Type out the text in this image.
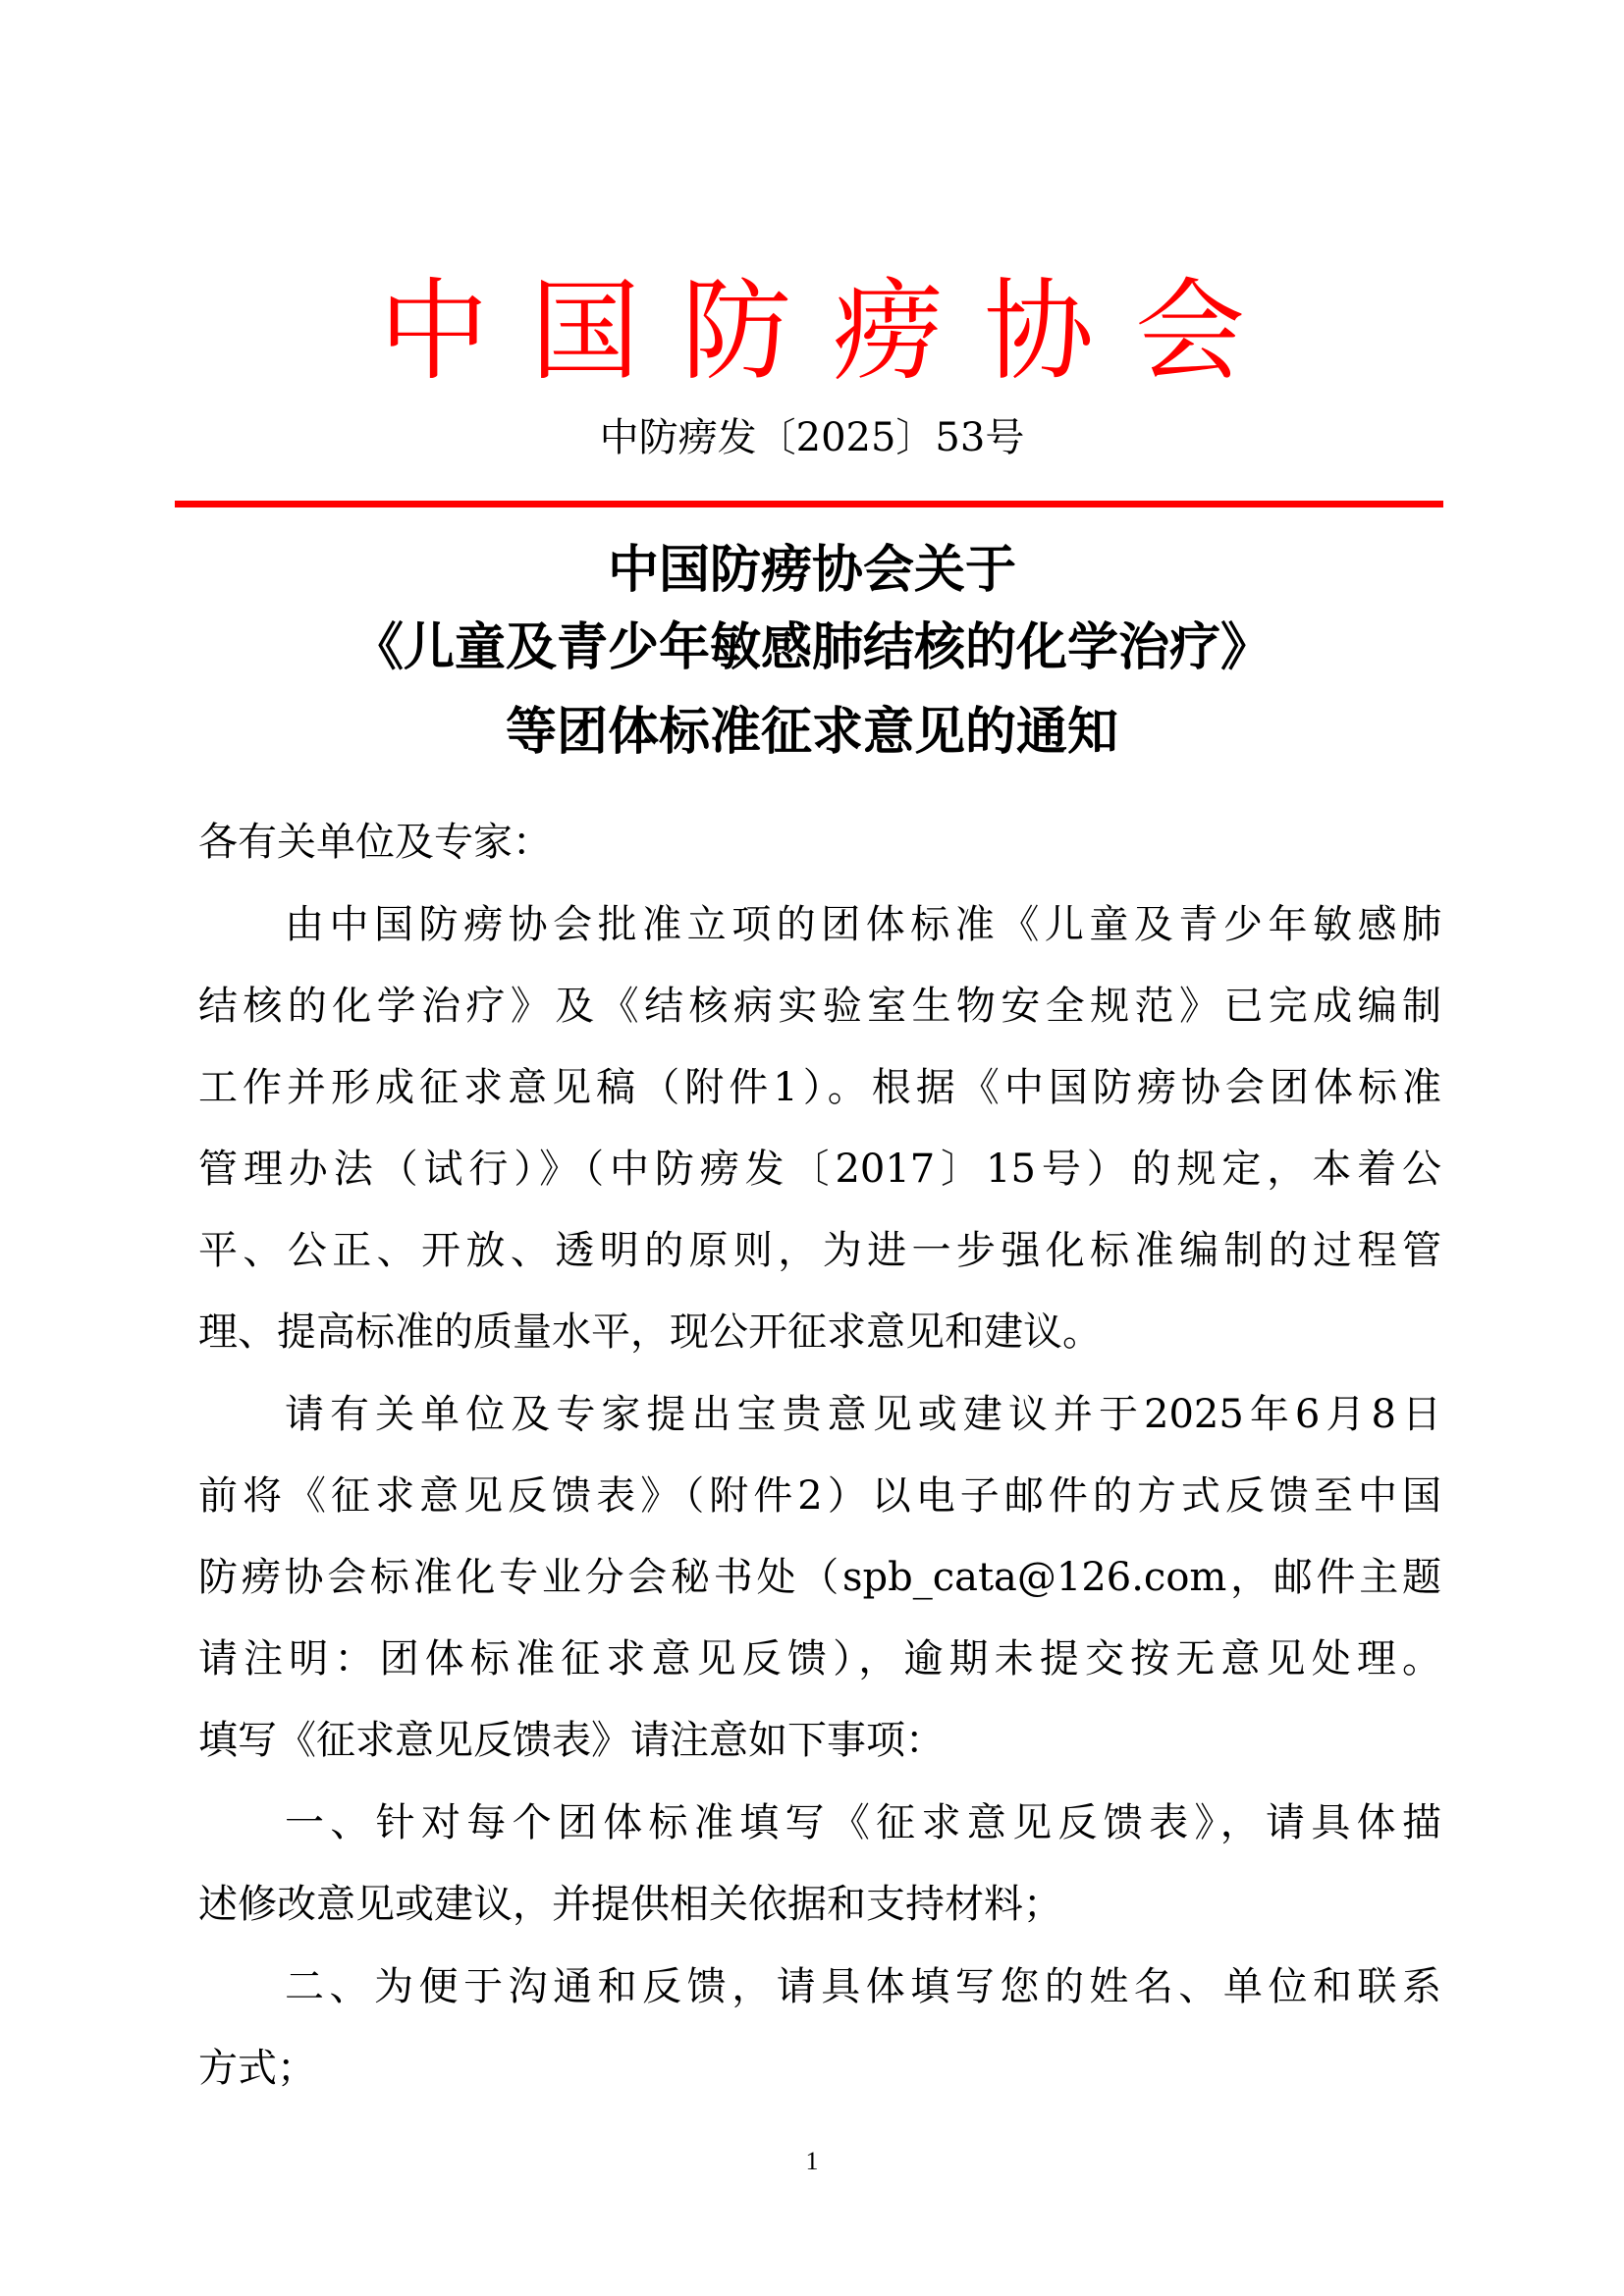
中国防痨协会
中防痨发〔2025〕53号
中国防痨协会关于
《儿童及青少年敏感肺结核的化学治疗》
等团体标准征求意见的通知
各有关单位及专家：
由中国防痨协会批准立项的团体标准《儿童及青少年敏感肺
结核的化学治疗》及《结核病实验室生物安全规范》已完成编制
工作并形成征求意见稿（附件1）。根据《中国防痨协会团体标准
管理办法（试行）》（中防痨发〔2017〕15号）的规定，本着公
平、公正、开放、透明的原则，为进一步强化标准编制的过程管
理、提高标准的质量水平，现公开征求意见和建议。
请有关单位及专家提出宝贵意见或建议并于2025年6月8日
前将《征求意见反馈表》（附件2）以电子邮件的方式反馈至中国
防痨协会标准化专业分会秘书处（spb_cata@126.com，邮件主题
请注明：团体标准征求意见反馈），逾期未提交按无意见处理。
填写《征求意见反馈表》请注意如下事项：
一、针对每个团体标准填写《征求意见反馈表》，请具体描
述修改意见或建议，并提供相关依据和支持材料；
二、为便于沟通和反馈，请具体填写您的姓名、单位和联系
方式；
1
